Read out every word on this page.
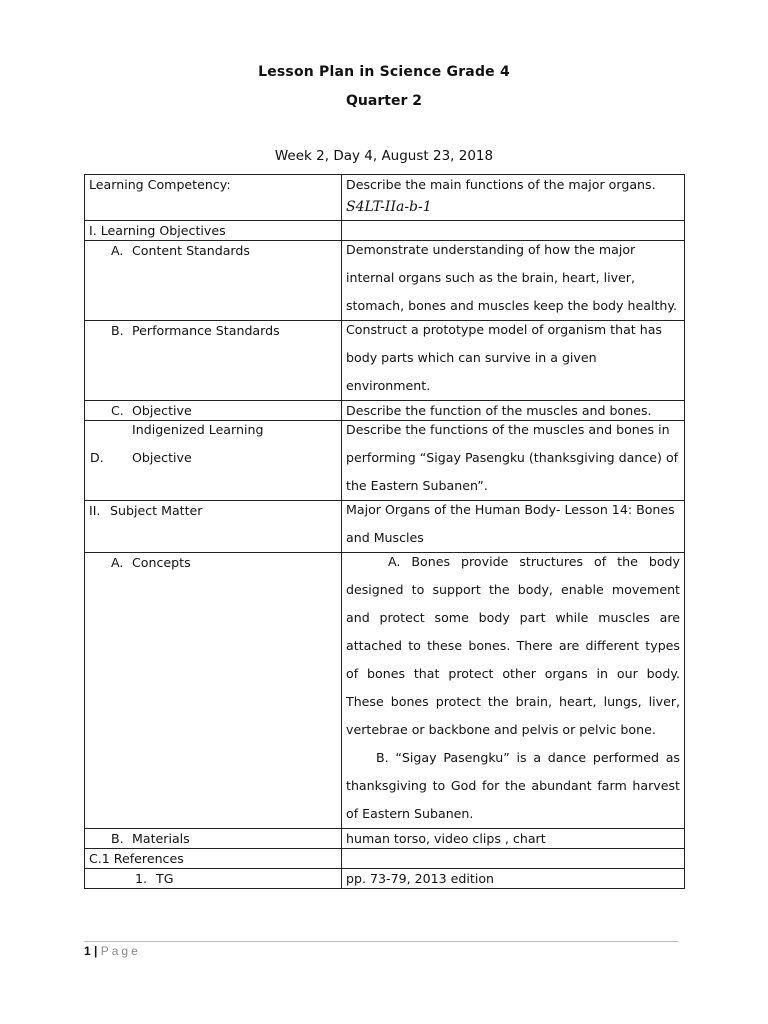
Lesson Plan in Science Grade 4
Quarter 2
Week 2, Day 4, August 23, 2018
Learning Competency:	Describe the main functions of the major organs.
S4LT-IIa-b-1

I. Learning Objectives	
A. Content Standards	Demonstrate understanding of how the major internal organs such as the brain, heart, liver, stomach, bones and muscles keep the body healthy.

B. Performance Standards	Construct a prototype model of organism that has body parts which can survive in a given environment.

C. Objective	Describe the function of the muscles and bones.

D.Indigenized Learning Objective	Describe the functions of the muscles and bones in performing “Sigay Pasengku (thanksgiving dance) of the Eastern Subanen”.

II. Subject Matter	Major Organs of the Human Body- Lesson 14: Bones and Muscles

A. Concepts	A. Bones provide structures of the body designed to support the body, enable movement and protect some body part while muscles are attached to these bones. There are different types of bones that protect other organs in our body. These bones protect the brain, heart, lungs, liver, vertebrae or backbone and pelvis or pelvic bone.

B. “Sigay Pasengku” is a dance performed as thanksgiving to God for the abundant farm harvest of Eastern Subanen.

B. Materials	human torso, video clips , chart
C.1 References	
1. TG	pp. 73-79, 2013 edition
1 | Page
